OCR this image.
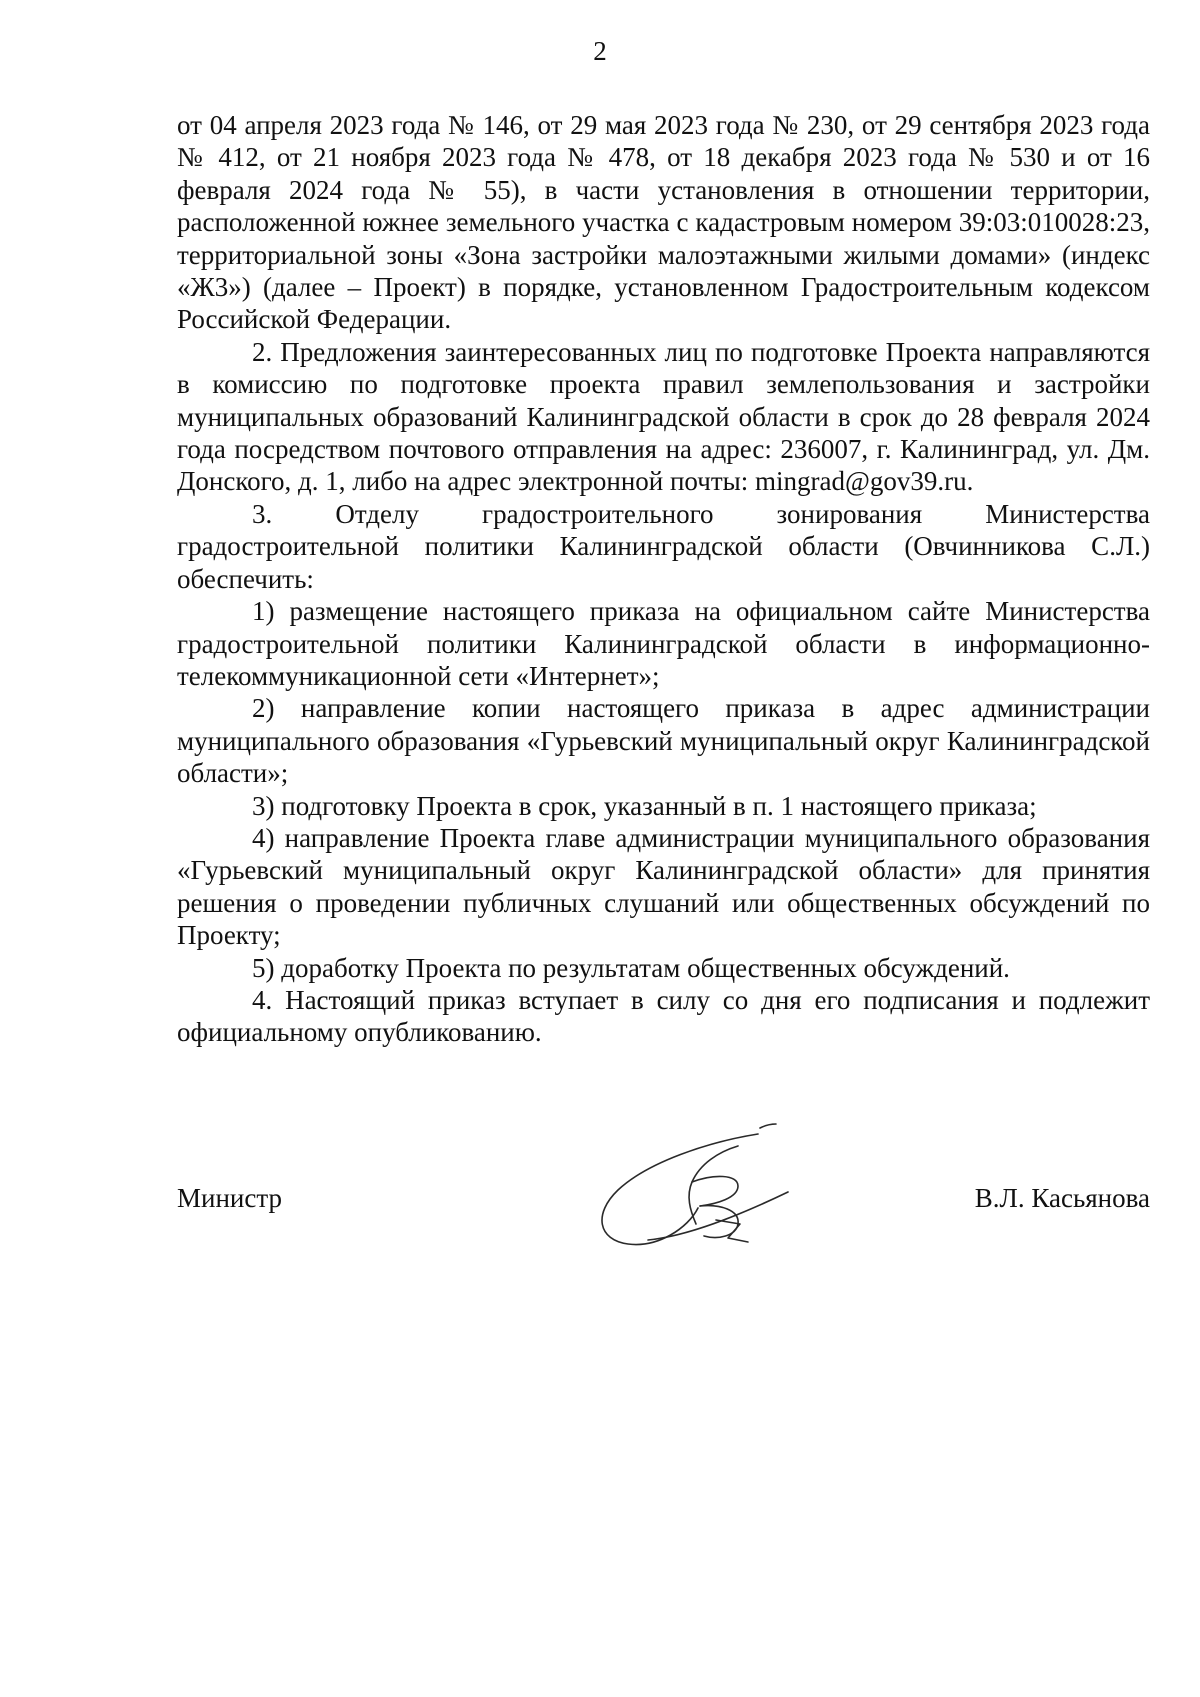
2

от 04 апреля 2023 года № 146, от 29 мая 2023 года № 230, от 29 сентября 2023 года № 412, от 21 ноября 2023 года № 478, от 18 декабря 2023 года № 530 и от 16 февраля 2024 года № 55), в части установления в отношении территории, расположенной южнее земельного участка с кадастровым номером 39:03:010028:23, территориальной зоны «Зона застройки малоэтажными жилыми домами» (индекс «Ж3») (далее – Проект) в порядке, установленном Градостроительным кодексом Российской Федерации.

2. Предложения заинтересованных лиц по подготовке Проекта направляются в комиссию по подготовке проекта правил землепользования и застройки муниципальных образований Калининградской области в срок до 28 февраля 2024 года посредством почтового отправления на адрес: 236007, г. Калининград, ул. Дм. Донского, д. 1, либо на адрес электронной почты: mingrad@gov39.ru.

3. Отделу градостроительного зонирования Министерства градостроительной политики Калининградской области (Овчинникова С.Л.) обеспечить:

1) размещение настоящего приказа на официальном сайте Министерства градостроительной политики Калининградской области в информационно-телекоммуникационной сети «Интернет»;

2) направление копии настоящего приказа в адрес администрации муниципального образования «Гурьевский муниципальный округ Калининградской области»;

3) подготовку Проекта в срок, указанный в п. 1 настоящего приказа;

4) направление Проекта главе администрации муниципального образования «Гурьевский муниципальный округ Калининградской области» для принятия решения о проведении публичных слушаний или общественных обсуждений по Проекту;

5) доработку Проекта по результатам общественных обсуждений.

4. Настоящий приказ вступает в силу со дня его подписания и подлежит официальному опубликованию.

Министр	В.Л. Касьянова
